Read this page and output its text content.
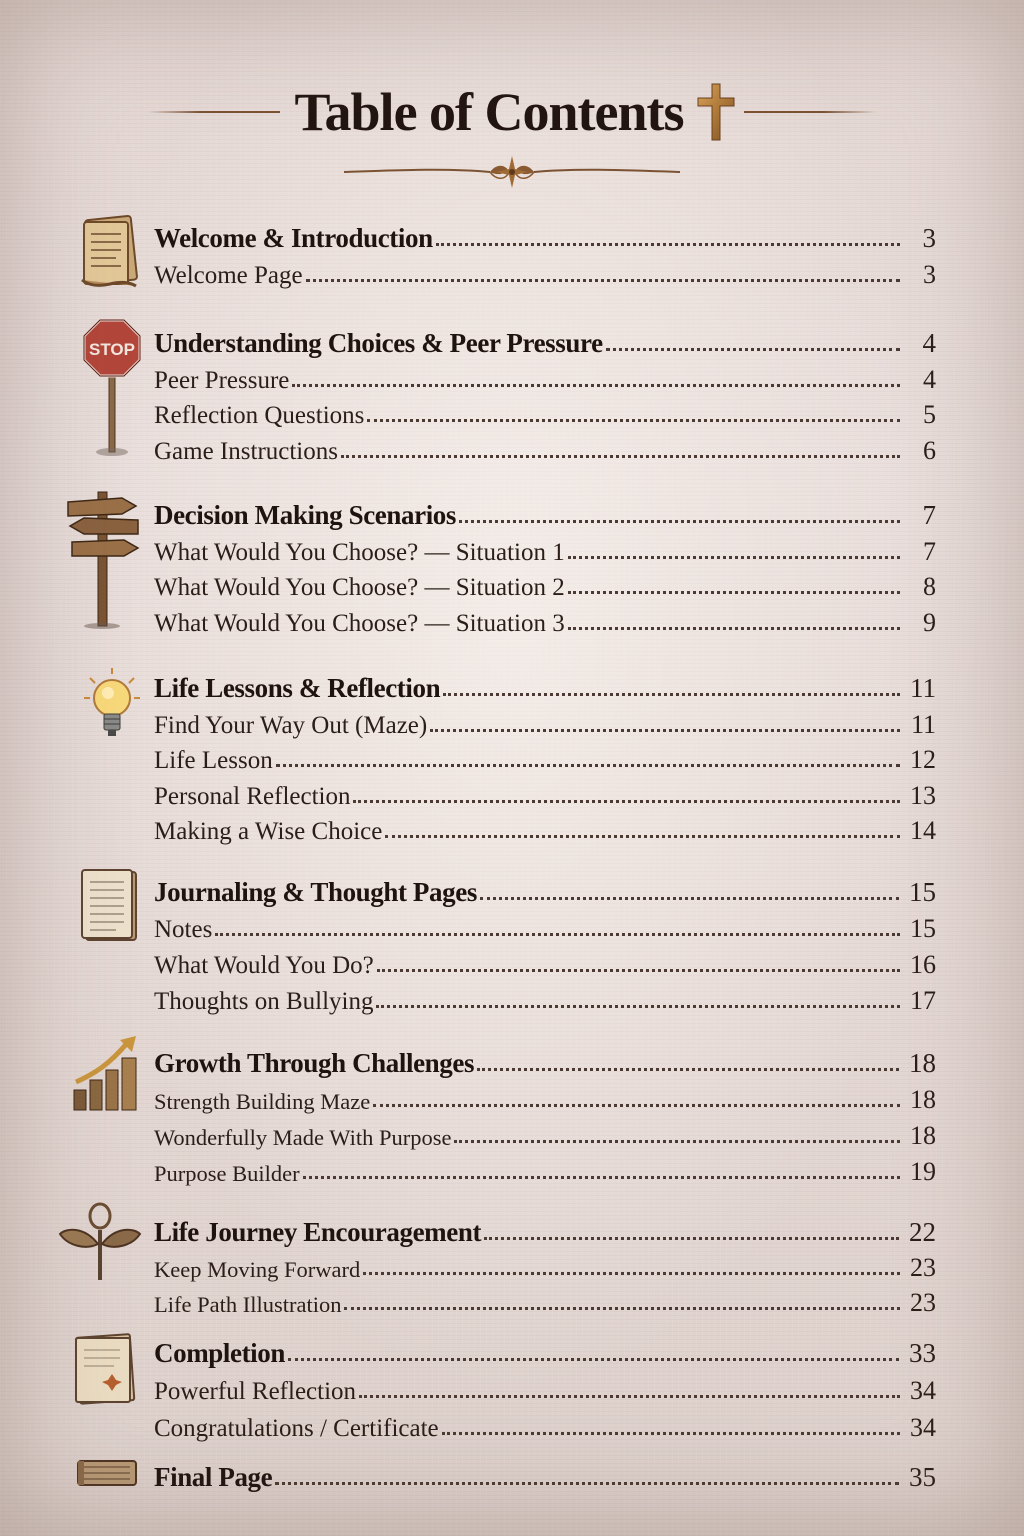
Table of Contents
Welcome & Introduction	3
Welcome Page	3
STOP Understanding Choices & Peer Pressure	4
Peer Pressure	4
Reflection Questions	5
Game Instructions	6
Decision Making Scenarios	7
What Would You Choose? — Situation 1	7
What Would You Choose? — Situation 2	8
What Would You Choose? — Situation 3	9
Life Lessons & Reflection	11
Find Your Way Out (Maze)	11
Life Lesson	12
Personal Reflection	13
Making a Wise Choice	14
Journaling & Thought Pages	15
Notes	15
What Would You Do?	16
Thoughts on Bullying	17
Growth Through Challenges	18
Strength Building Maze	18
Wonderfully Made With Purpose	18
Purpose Builder	19
Life Journey Encouragement	22
Keep Moving Forward	23
Life Path Illustration	23
Completion	33
Powerful Reflection	34
Congratulations / Certificate	34
Final Page	35
